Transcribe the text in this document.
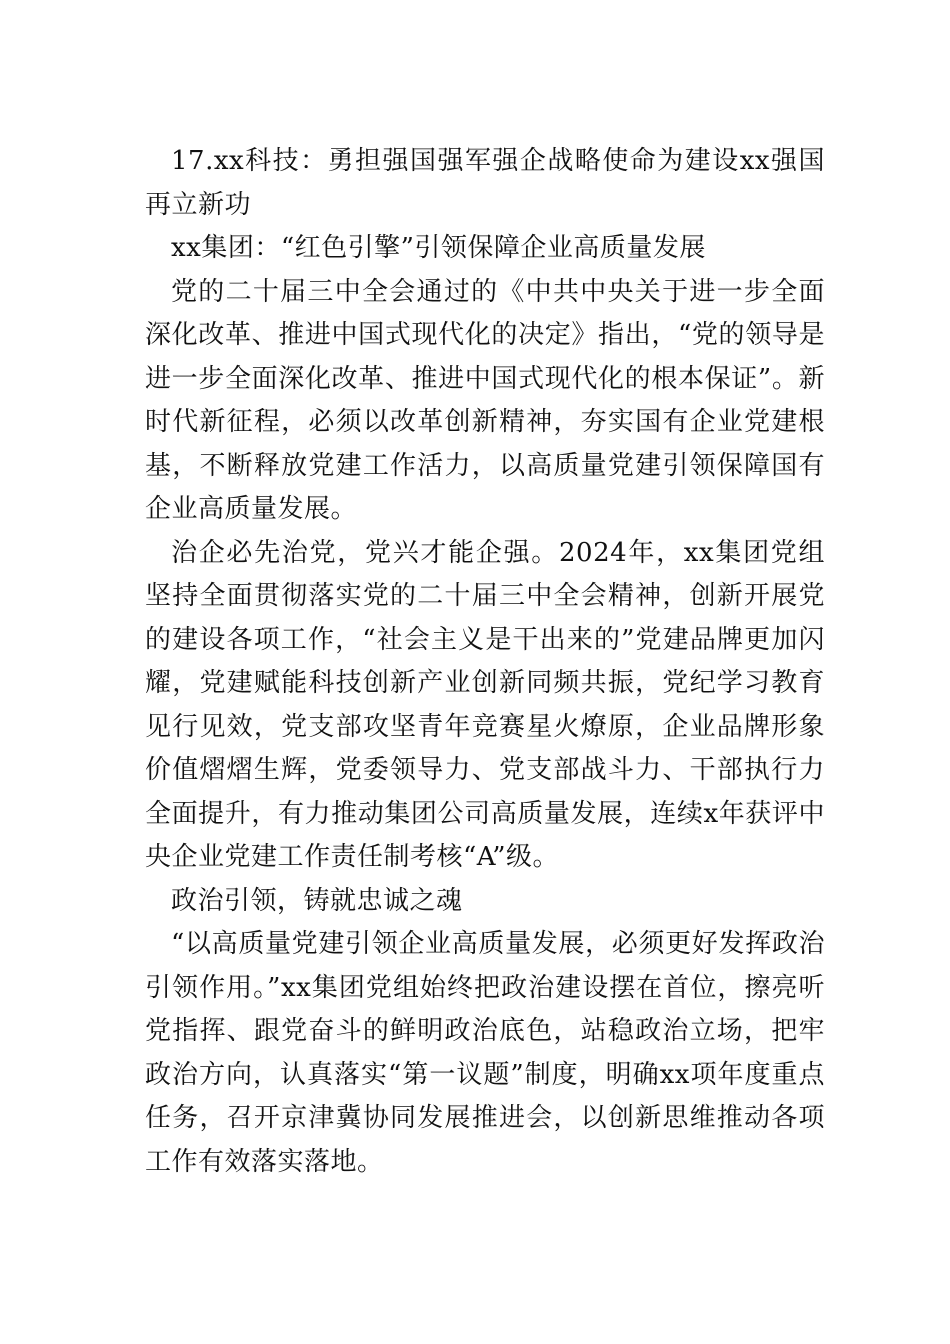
17.xx科技：勇担强国强军强企战略使命为建设xx强国再立新功

xx集团：“红色引擎”引领保障企业高质量发展

党的二十届三中全会通过的《中共中央关于进一步全面深化改革、推进中国式现代化的决定》指出，“党的领导是进一步全面深化改革、推进中国式现代化的根本保证”。新时代新征程，必须以改革创新精神，夯实国有企业党建根基，不断释放党建工作活力，以高质量党建引领保障国有企业高质量发展。

治企必先治党，党兴才能企强。2024年，xx集团党组坚持全面贯彻落实党的二十届三中全会精神，创新开展党的建设各项工作，“社会主义是干出来的”党建品牌更加闪耀，党建赋能科技创新产业创新同频共振，党纪学习教育见行见效，党支部攻坚青年竞赛星火燎原，企业品牌形象价值熠熠生辉，党委领导力、党支部战斗力、干部执行力全面提升，有力推动集团公司高质量发展，连续x年获评中央企业党建工作责任制考核“A”级。

政治引领，铸就忠诚之魂

“以高质量党建引领企业高质量发展，必须更好发挥政治引领作用。”xx集团党组始终把政治建设摆在首位，擦亮听党指挥、跟党奋斗的鲜明政治底色，站稳政治立场，把牢政治方向，认真落实“第一议题”制度，明确xx项年度重点任务，召开京津冀协同发展推进会，以创新思维推动各项工作有效落实落地。
